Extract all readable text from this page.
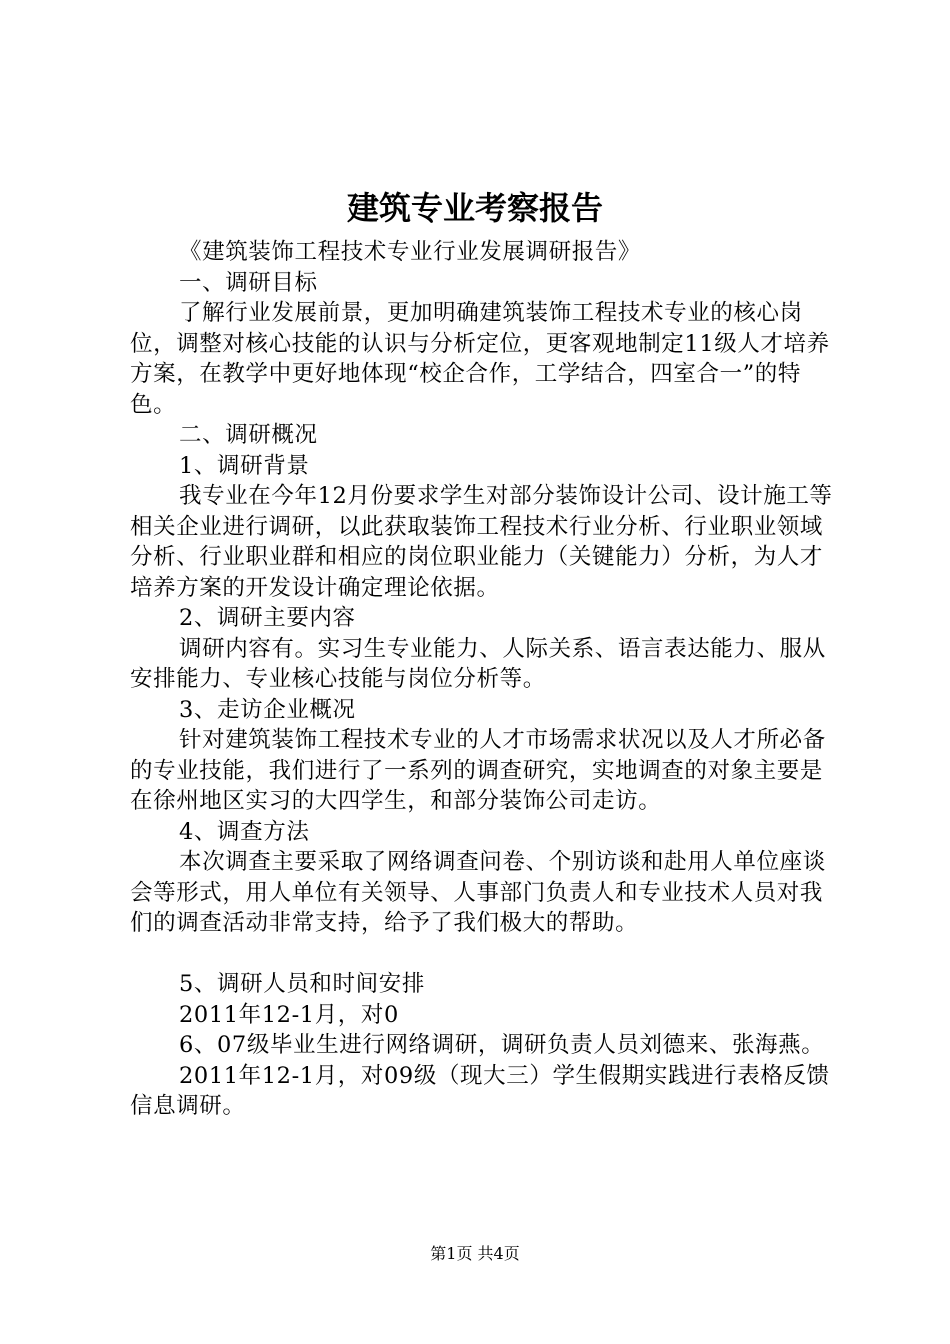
建筑专业考察报告

《建筑装饰工程技术专业行业发展调研报告》

一、调研目标

了解行业发展前景，更加明确建筑装饰工程技术专业的核心岗位，调整对核心技能的认识与分析定位，更客观地制定11级人才培养方案，在教学中更好地体现“校企合作，工学结合，四室合一”的特色。

二、调研概况

1、调研背景

我专业在今年12月份要求学生对部分装饰设计公司、设计施工等相关企业进行调研，以此获取装饰工程技术行业分析、行业职业领域分析、行业职业群和相应的岗位职业能力（关键能力）分析，为人才培养方案的开发设计确定理论依据。

2、调研主要内容

调研内容有。实习生专业能力、人际关系、语言表达能力、服从安排能力、专业核心技能与岗位分析等。

3、走访企业概况

针对建筑装饰工程技术专业的人才市场需求状况以及人才所必备的专业技能，我们进行了一系列的调查研究，实地调查的对象主要是在徐州地区实习的大四学生，和部分装饰公司走访。

4、调查方法

本次调查主要采取了网络调查问卷、个别访谈和赴用人单位座谈会等形式，用人单位有关领导、人事部门负责人和专业技术人员对我们的调查活动非常支持，给予了我们极大的帮助。

5、调研人员和时间安排

2011年12-1月，对0

6、07级毕业生进行网络调研，调研负责人员刘德来、张海燕。

2011年12-1月，对09级（现大三）学生假期实践进行表格反馈信息调研。

第1页 共4页
